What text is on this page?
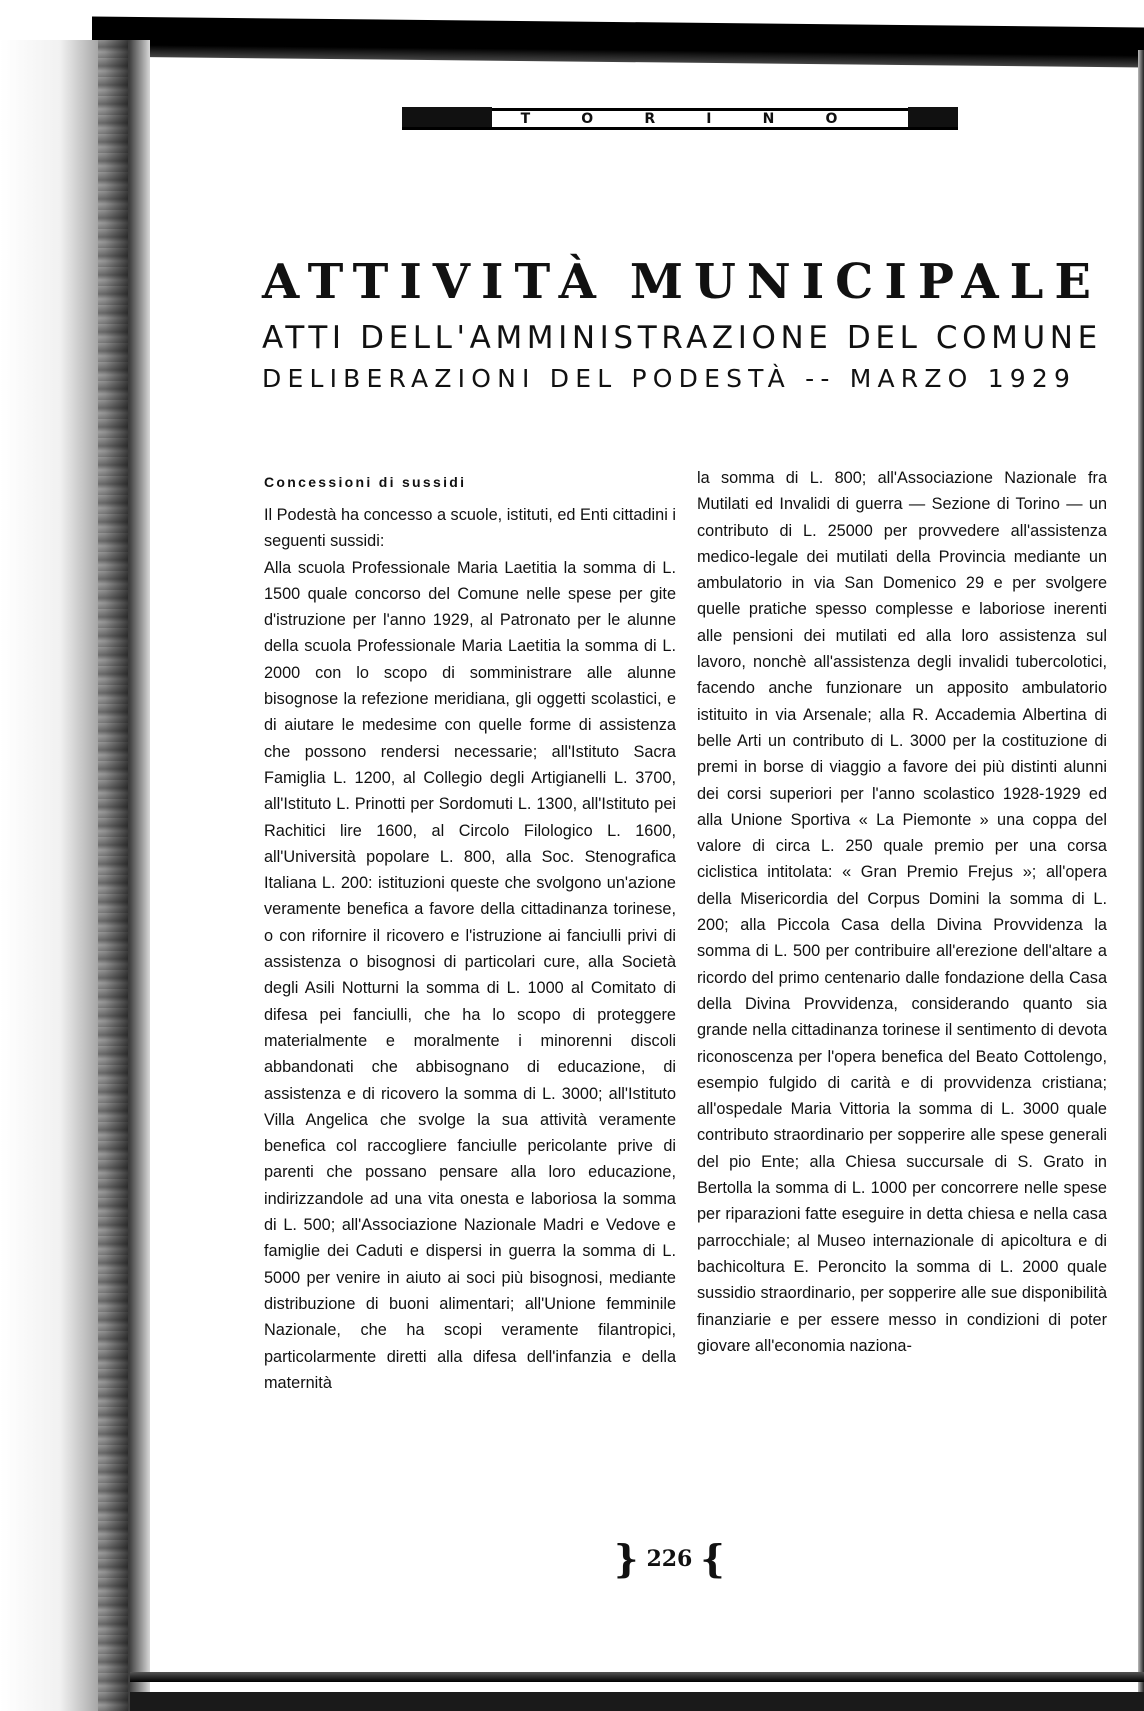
T	O	R	I	N	O
ATTIVITÀ MUNICIPALE
ATTI DELL'AMMINISTRAZIONE DEL COMUNE
DELIBERAZIONI DEL PODESTÀ -- MARZO 1929
Concessioni di sussidi

Il Podestà ha concesso a scuole, istituti, ed Enti cittadini i seguenti sussidi:

Alla scuola Professionale Maria Laetitia la somma di L. 1500 quale concorso del Comune nelle spese per gite d'istruzione per l'anno 1929, al Patronato per le alunne della scuola Professionale Maria Laetitia la somma di L. 2000 con lo scopo di somministrare alle alunne bisognose la refezione meridiana, gli oggetti scolastici, e di aiutare le medesime con quelle forme di assistenza che possono rendersi necessarie; all'Istituto Sacra Famiglia L. 1200, al Collegio degli Artigianelli L. 3700, all'Istituto L. Prinotti per Sordomuti L. 1300, all'Istituto pei Rachitici lire 1600, al Circolo Filologico L. 1600, all'Università popolare L. 800, alla Soc. Stenografica Italiana L. 200: istituzioni queste che svolgono un'azione veramente benefica a favore della cittadinanza torinese, o con rifornire il ricovero e l'istruzione ai fanciulli privi di assistenza o bisognosi di particolari cure, alla Società degli Asili Notturni la somma di L. 1000 al Comitato di difesa pei fanciulli, che ha lo scopo di proteggere materialmente e moralmente i minorenni discoli abbandonati che abbisognano di educazione, di assistenza e di ricovero la somma di L. 3000; all'Istituto Villa Angelica che svolge la sua attività veramente benefica col raccogliere fanciulle pericolante prive di parenti che possano pensare alla loro educazione, indirizzandole ad una vita onesta e laboriosa la somma di L. 500; all'Associazione Nazionale Madri e Vedove e famiglie dei Caduti e dispersi in guerra la somma di L. 5000 per venire in aiuto ai soci più bisognosi, mediante distribuzione di buoni alimentari; all'Unione femminile Nazionale, che ha scopi veramente filantropici, particolarmente diretti alla difesa dell'infanzia e della maternità

la somma di L. 800; all'Associazione Nazionale fra Mutilati ed Invalidi di guerra — Sezione di Torino — un contributo di L. 25000 per provvedere all'assistenza medico-legale dei mutilati della Provincia mediante un ambulatorio in via San Domenico 29 e per svolgere quelle pratiche spesso complesse e laboriose inerenti alle pensioni dei mutilati ed alla loro assistenza sul lavoro, nonchè all'assistenza degli invalidi tubercolotici, facendo anche funzionare un apposito ambulatorio istituito in via Arsenale; alla R. Accademia Albertina di belle Arti un contributo di L. 3000 per la costituzione di premi in borse di viaggio a favore dei più distinti alunni dei corsi superiori per l'anno scolastico 1928-1929 ed alla Unione Sportiva « La Piemonte » una coppa del valore di circa L. 250 quale premio per una corsa ciclistica intitolata: « Gran Premio Frejus »; all'opera della Misericordia del Corpus Domini la somma di L. 200; alla Piccola Casa della Divina Provvidenza la somma di L. 500 per contribuire all'erezione dell'altare a ricordo del primo centenario dalle fondazione della Casa della Divina Provvidenza, considerando quanto sia grande nella cittadinanza torinese il sentimento di devota riconoscenza per l'opera benefica del Beato Cottolengo, esempio fulgido di carità e di provvidenza cristiana; all'ospedale Maria Vittoria la somma di L. 3000 quale contributo straordinario per sopperire alle spese generali del pio Ente; alla Chiesa succursale di S. Grato in Bertolla la somma di L. 1000 per concorrere nelle spese per riparazioni fatte eseguire in detta chiesa e nella casa parrocchiale; al Museo internazionale di apicoltura e di bachicoltura E. Peroncito la somma di L. 2000 quale sussidio straordinario, per sopperire alle sue disponibilità finanziarie e per essere messo in condizioni di poter giovare all'economia naziona-

} 226 {
